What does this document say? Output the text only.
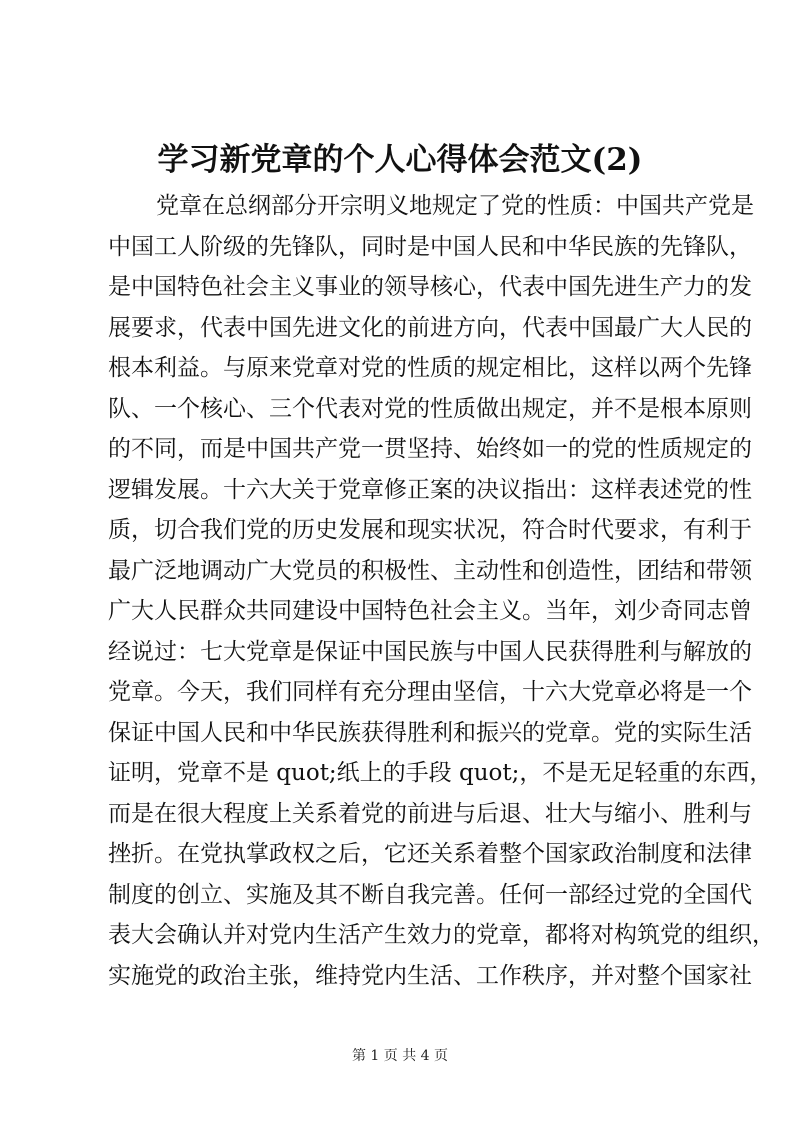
学习新党章的个人心得体会范文(2)
党章在总纲部分开宗明义地规定了党的性质：中国共产党是
中国工人阶级的先锋队，同时是中国人民和中华民族的先锋队，
是中国特色社会主义事业的领导核心，代表中国先进生产力的发
展要求，代表中国先进文化的前进方向，代表中国最广大人民的
根本利益。与原来党章对党的性质的规定相比，这样以两个先锋
队、一个核心、三个代表对党的性质做出规定，并不是根本原则
的不同，而是中国共产党一贯坚持、始终如一的党的性质规定的
逻辑发展。十六大关于党章修正案的决议指出：这样表述党的性
质，切合我们党的历史发展和现实状况，符合时代要求，有利于
最广泛地调动广大党员的积极性、主动性和创造性，团结和带领
广大人民群众共同建设中国特色社会主义。当年，刘少奇同志曾
经说过：七大党章是保证中国民族与中国人民获得胜利与解放的
党章。今天，我们同样有充分理由坚信，十六大党章必将是一个
保证中国人民和中华民族获得胜利和振兴的党章。党的实际生活
证明，党章不是 quot;纸上的手段 quot;，不是无足轻重的东西，
而是在很大程度上关系着党的前进与后退、壮大与缩小、胜利与
挫折。在党执掌政权之后，它还关系着整个国家政治制度和法律
制度的创立、实施及其不断自我完善。任何一部经过党的全国代
表大会确认并对党内生活产生效力的党章，都将对构筑党的组织，
实施党的政治主张，维持党内生活、工作秩序，并对整个国家社
第 1 页 共 4 页
